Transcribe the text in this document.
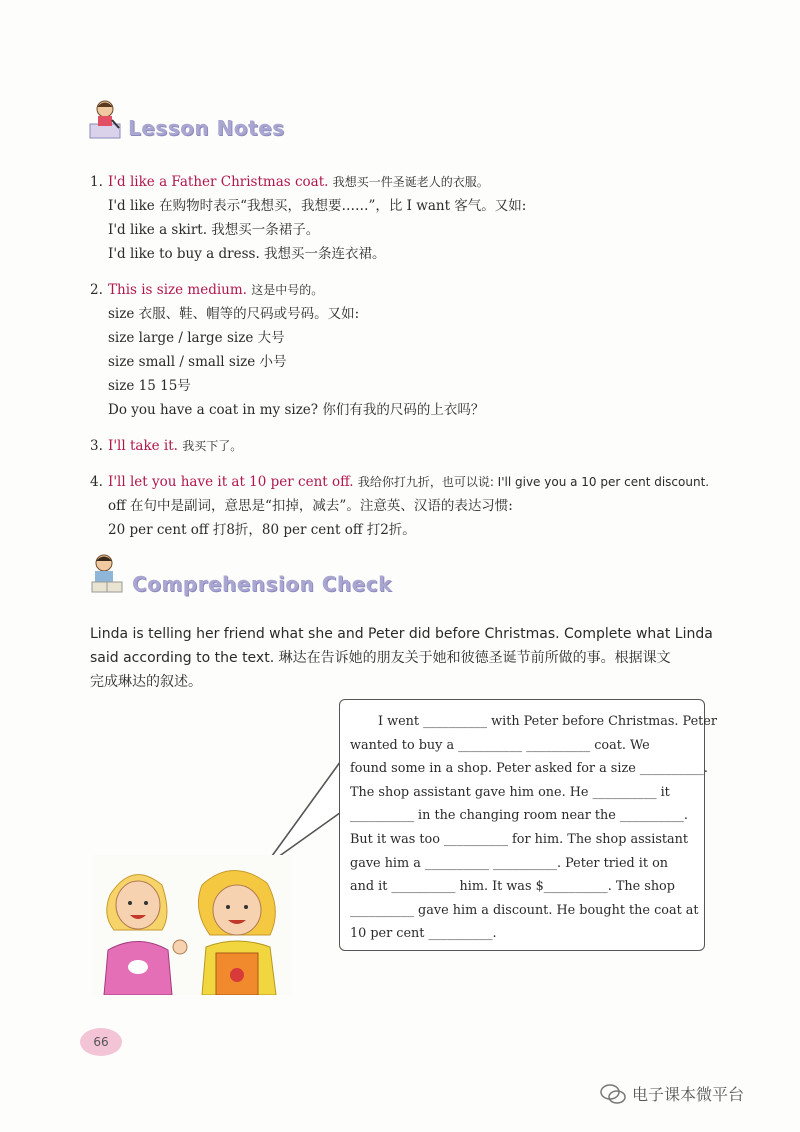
Lesson Notes
1. I'd like a Father Christmas coat. 我想买一件圣诞老人的衣服。
I'd like 在购物时表示“我想买，我想要……”，比 I want 客气。又如:
I'd like a skirt. 我想买一条裙子。
I'd like to buy a dress. 我想买一条连衣裙。
2. This is size medium. 这是中号的。
size 衣服、鞋、帽等的尺码或号码。又如:
size large / large size 大号
size small / small size 小号
size 15 15号
Do you have a coat in my size? 你们有我的尺码的上衣吗？
3. I'll take it. 我买下了。
4. I'll let you have it at 10 per cent off. 我给你打九折，也可以说: I'll give you a 10 per cent discount.
off 在句中是副词，意思是“扣掉，减去”。注意英、汉语的表达习惯:
20 per cent off 打8折，80 per cent off 打2折。
Comprehension Check
Linda is telling her friend what she and Peter did before Christmas. Complete what Linda
said according to the text. 琳达在告诉她的朋友关于她和彼德圣诞节前所做的事。根据课文
完成琳达的叙述。
I went __________ with Peter before Christmas. Peter
wanted to buy a __________ __________ coat. We
found some in a shop. Peter asked for a size __________.
The shop assistant gave him one. He __________ it
__________ in the changing room near the __________.
But it was too __________ for him. The shop assistant
gave him a __________ __________. Peter tried it on
and it __________ him. It was $__________. The shop
__________ gave him a discount. He bought the coat at
10 per cent __________.
66
电子课本微平台
